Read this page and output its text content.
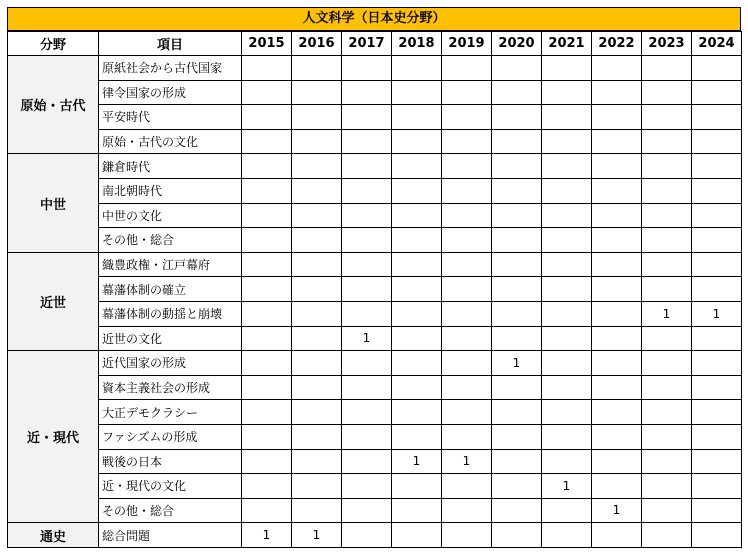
人文科学（日本史分野）
分野	項目	2015	2016	2017	2018	2019	2020	2021	2022	2023	2024
原始・古代	原紙社会から古代国家										
	律令国家の形成										
	平安時代										
	原始・古代の文化										
中世	鎌倉時代										
	南北朝時代										
	中世の文化										
	その他・総合										
近世	織豊政権・江戸幕府										
	幕藩体制の確立										
	幕藩体制の動揺と崩壊									1	1
	近世の文化			1							
近・現代	近代国家の形成						1				
	資本主義社会の形成										
	大正デモクラシー										
	ファシズムの形成										
	戦後の日本				1	1					
	近・現代の文化							1			
	その他・総合								1		
通史	総合問題	1	1								
